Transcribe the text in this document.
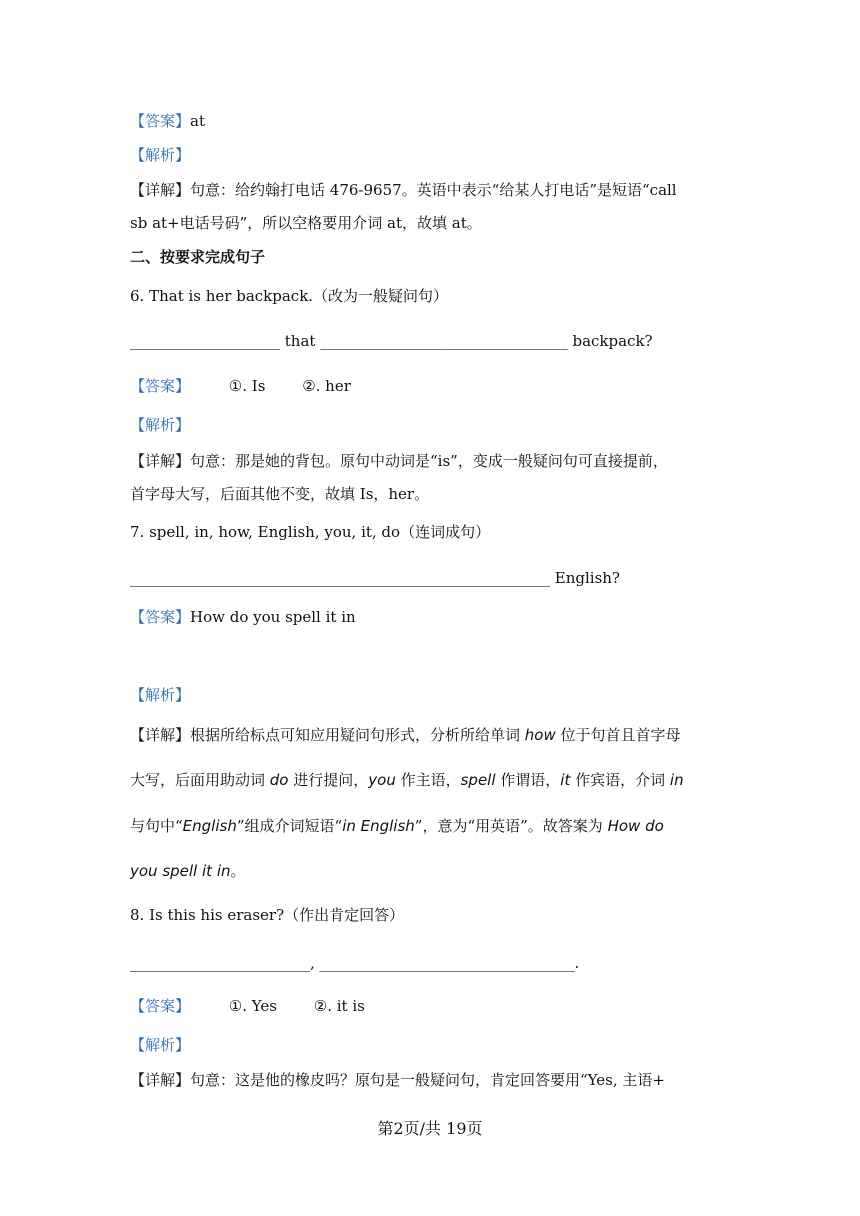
【答案】at
【解析】
【详解】句意：给约翰打电话 476-9657。英语中表示“给某人打电话”是短语“call
sb at+电话号码”，所以空格要用介词 at，故填 at。
二、按要求完成句子
6. That is her backpack.（改为一般疑问句）
____________________ that _________________________________ backpack?
【答案】	①. Is ②. her
【解析】
【详解】句意：那是她的背包。原句中动词是“is”，变成一般疑问句可直接提前，
首字母大写，后面其他不变，故填 Is，her。
7. spell, in, how, English, you, it, do（连词成句）
________________________________________________________ English?
【答案】How do you spell it in
【解析】
【详解】根据所给标点可知应用疑问句形式，分析所给单词 how 位于句首且首字母
大写，后面用助动词 do 进行提问，you 作主语，spell 作谓语，it 作宾语，介词 in
与句中“English”组成介词短语“in English”，意为“用英语”。故答案为 How do
you spell it in。
8. Is this his eraser?（作出肯定回答）
________________________, __________________________________.
【答案】	①. Yes ②. it is
【解析】
【详解】句意：这是他的橡皮吗？原句是一般疑问句，肯定回答要用“Yes, 主语+
第2页/共 19页
